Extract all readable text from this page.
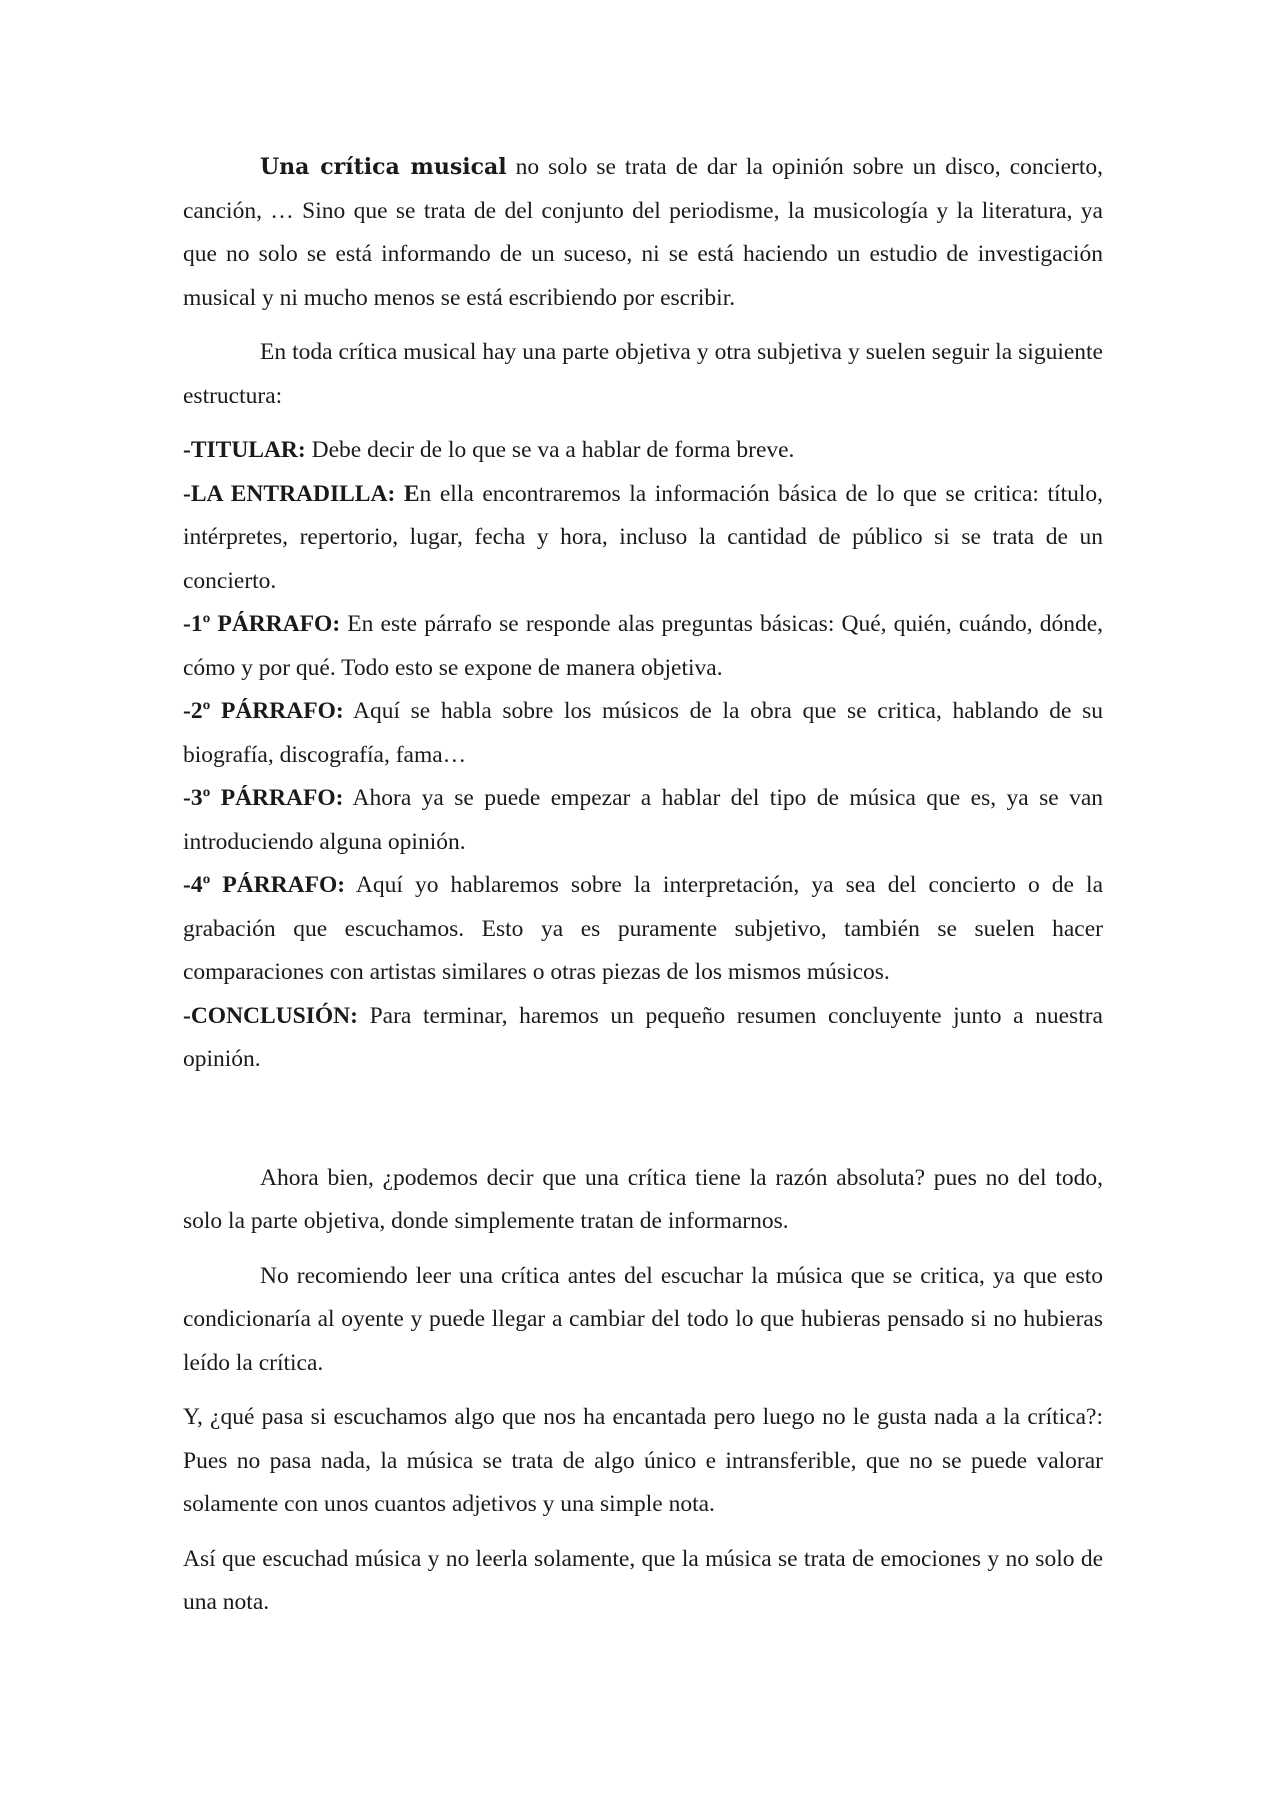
Una crítica musical no solo se trata de dar la opinión sobre un disco, concierto, canción, … Sino que se trata de del conjunto del periodisme, la musicología y la literatura, ya que no solo se está informando de un suceso, ni se está haciendo un estudio de investigación musical y ni mucho menos se está escribiendo por escribir.

En toda crítica musical hay una parte objetiva y otra subjetiva y suelen seguir la siguiente estructura:

-TITULAR: Debe decir de lo que se va a hablar de forma breve.

-LA ENTRADILLA: En ella encontraremos la información básica de lo que se critica: título, intérpretes, repertorio, lugar, fecha y hora, incluso la cantidad de público si se trata de un concierto.

-1º PÁRRAFO: En este párrafo se responde alas preguntas básicas: Qué, quién, cuándo, dónde, cómo y por qué. Todo esto se expone de manera objetiva.

-2º PÁRRAFO: Aquí se habla sobre los músicos de la obra que se critica, hablando de su biografía, discografía, fama…

-3º PÁRRAFO: Ahora ya se puede empezar a hablar del tipo de música que es, ya se van introduciendo alguna opinión.

-4º PÁRRAFO: Aquí yo hablaremos sobre la interpretación, ya sea del concierto o de la grabación que escuchamos. Esto ya es puramente subjetivo, también se suelen hacer comparaciones con artistas similares o otras piezas de los mismos músicos.

-CONCLUSIÓN: Para terminar, haremos un pequeño resumen concluyente junto a nuestra opinión.

Ahora bien, ¿podemos decir que una crítica tiene la razón absoluta? pues no del todo, solo la parte objetiva, donde simplemente tratan de informarnos.

No recomiendo leer una crítica antes del escuchar la música que se critica, ya que esto condicionaría al oyente y puede llegar a cambiar del todo lo que hubieras pensado si no hubieras leído la crítica.

Y, ¿qué pasa si escuchamos algo que nos ha encantada pero luego no le gusta nada a la crítica?: Pues no pasa nada, la música se trata de algo único e intransferible, que no se puede valorar solamente con unos cuantos adjetivos y una simple nota.

Así que escuchad música y no leerla solamente, que la música se trata de emociones y no solo de una nota.
